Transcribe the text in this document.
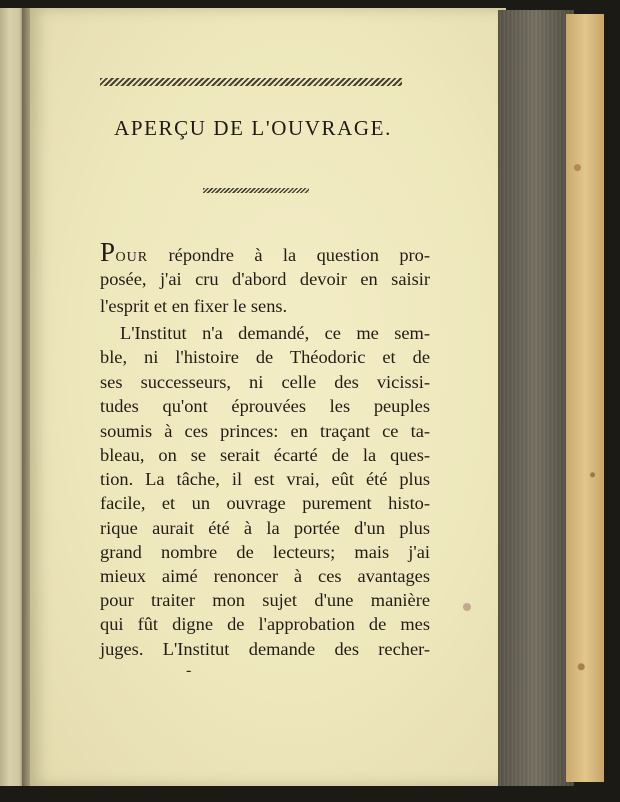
APERÇU DE L'OUVRAGE.
POUR répondre à la question pro-
posée, j'ai cru d'abord devoir en saisir
l'esprit et en fixer le sens.
L'Institut n'a demandé, ce me sem-
ble, ni l'histoire de Théodoric et de
ses successeurs, ni celle des vicissi-
tudes qu'ont éprouvées les peuples
soumis à ces princes: en traçant ce ta-
bleau, on se serait écarté de la ques-
tion. La tâche, il est vrai, eût été plus
facile, et un ouvrage purement histo-
rique aurait été à la portée d'un plus
grand nombre de lecteurs; mais j'ai
mieux aimé renoncer à ces avantages
pour traiter mon sujet d'une manière
qui fût digne de l'approbation de mes
juges. L'Institut demande des recher-
-
